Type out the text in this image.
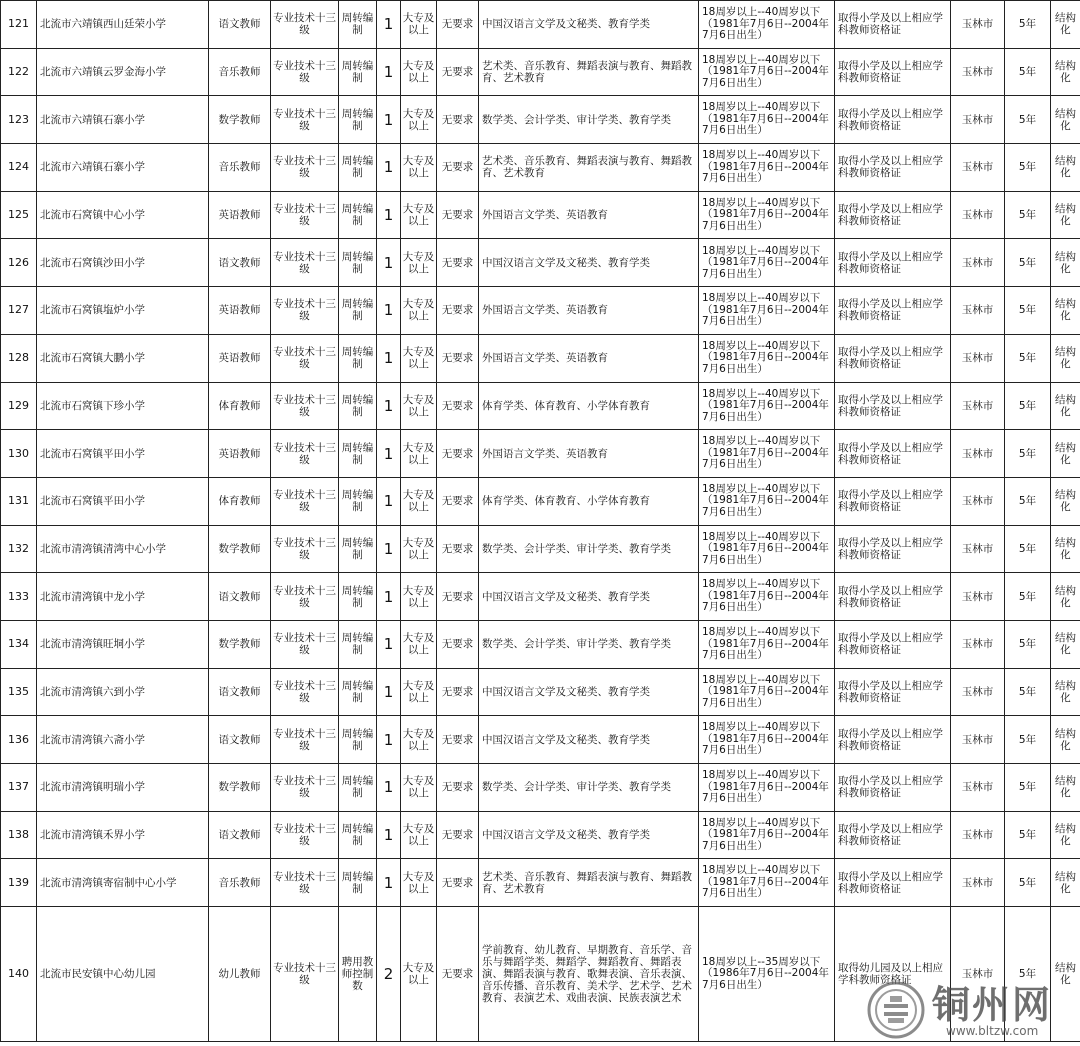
121	北流市六靖镇西山廷荣小学	语文教师	专业技术十三级	周转编制	1	大专及以上	无要求	中国汉语言文学及文秘类、教育学类	18周岁以上--40周岁以下（1981年7月6日--2004年7月6日出生）	取得小学及以上相应学科教师资格证	玉林市	5年	结构化
122	北流市六靖镇云罗金海小学	音乐教师	专业技术十三级	周转编制	1	大专及以上	无要求	艺术类、音乐教育、舞蹈表演与教育、舞蹈教育、艺术教育	18周岁以上--40周岁以下（1981年7月6日--2004年7月6日出生）	取得小学及以上相应学科教师资格证	玉林市	5年	结构化
123	北流市六靖镇石寨小学	数学教师	专业技术十三级	周转编制	1	大专及以上	无要求	数学类、会计学类、审计学类、教育学类	18周岁以上--40周岁以下（1981年7月6日--2004年7月6日出生）	取得小学及以上相应学科教师资格证	玉林市	5年	结构化
124	北流市六靖镇石寨小学	音乐教师	专业技术十三级	周转编制	1	大专及以上	无要求	艺术类、音乐教育、舞蹈表演与教育、舞蹈教育、艺术教育	18周岁以上--40周岁以下（1981年7月6日--2004年7月6日出生）	取得小学及以上相应学科教师资格证	玉林市	5年	结构化
125	北流市石窝镇中心小学	英语教师	专业技术十三级	周转编制	1	大专及以上	无要求	外国语言文学类、英语教育	18周岁以上--40周岁以下（1981年7月6日--2004年7月6日出生）	取得小学及以上相应学科教师资格证	玉林市	5年	结构化
126	北流市石窝镇沙田小学	语文教师	专业技术十三级	周转编制	1	大专及以上	无要求	中国汉语言文学及文秘类、教育学类	18周岁以上--40周岁以下（1981年7月6日--2004年7月6日出生）	取得小学及以上相应学科教师资格证	玉林市	5年	结构化
127	北流市石窝镇塩炉小学	英语教师	专业技术十三级	周转编制	1	大专及以上	无要求	外国语言文学类、英语教育	18周岁以上--40周岁以下（1981年7月6日--2004年7月6日出生）	取得小学及以上相应学科教师资格证	玉林市	5年	结构化
128	北流市石窝镇大鹏小学	英语教师	专业技术十三级	周转编制	1	大专及以上	无要求	外国语言文学类、英语教育	18周岁以上--40周岁以下（1981年7月6日--2004年7月6日出生）	取得小学及以上相应学科教师资格证	玉林市	5年	结构化
129	北流市石窝镇下珍小学	体育教师	专业技术十三级	周转编制	1	大专及以上	无要求	体育学类、体育教育、小学体育教育	18周岁以上--40周岁以下（1981年7月6日--2004年7月6日出生）	取得小学及以上相应学科教师资格证	玉林市	5年	结构化
130	北流市石窝镇平田小学	英语教师	专业技术十三级	周转编制	1	大专及以上	无要求	外国语言文学类、英语教育	18周岁以上--40周岁以下（1981年7月6日--2004年7月6日出生）	取得小学及以上相应学科教师资格证	玉林市	5年	结构化
131	北流市石窝镇平田小学	体育教师	专业技术十三级	周转编制	1	大专及以上	无要求	体育学类、体育教育、小学体育教育	18周岁以上--40周岁以下（1981年7月6日--2004年7月6日出生）	取得小学及以上相应学科教师资格证	玉林市	5年	结构化
132	北流市清湾镇清湾中心小学	数学教师	专业技术十三级	周转编制	1	大专及以上	无要求	数学类、会计学类、审计学类、教育学类	18周岁以上--40周岁以下（1981年7月6日--2004年7月6日出生）	取得小学及以上相应学科教师资格证	玉林市	5年	结构化
133	北流市清湾镇中龙小学	语文教师	专业技术十三级	周转编制	1	大专及以上	无要求	中国汉语言文学及文秘类、教育学类	18周岁以上--40周岁以下（1981年7月6日--2004年7月6日出生）	取得小学及以上相应学科教师资格证	玉林市	5年	结构化
134	北流市清湾镇旺垌小学	数学教师	专业技术十三级	周转编制	1	大专及以上	无要求	数学类、会计学类、审计学类、教育学类	18周岁以上--40周岁以下（1981年7月6日--2004年7月6日出生）	取得小学及以上相应学科教师资格证	玉林市	5年	结构化
135	北流市清湾镇六到小学	语文教师	专业技术十三级	周转编制	1	大专及以上	无要求	中国汉语言文学及文秘类、教育学类	18周岁以上--40周岁以下（1981年7月6日--2004年7月6日出生）	取得小学及以上相应学科教师资格证	玉林市	5年	结构化
136	北流市清湾镇六斋小学	语文教师	专业技术十三级	周转编制	1	大专及以上	无要求	中国汉语言文学及文秘类、教育学类	18周岁以上--40周岁以下（1981年7月6日--2004年7月6日出生）	取得小学及以上相应学科教师资格证	玉林市	5年	结构化
137	北流市清湾镇明瑞小学	数学教师	专业技术十三级	周转编制	1	大专及以上	无要求	数学类、会计学类、审计学类、教育学类	18周岁以上--40周岁以下（1981年7月6日--2004年7月6日出生）	取得小学及以上相应学科教师资格证	玉林市	5年	结构化
138	北流市清湾镇禾界小学	语文教师	专业技术十三级	周转编制	1	大专及以上	无要求	中国汉语言文学及文秘类、教育学类	18周岁以上--40周岁以下（1981年7月6日--2004年7月6日出生）	取得小学及以上相应学科教师资格证	玉林市	5年	结构化
139	北流市清湾镇寄宿制中心小学	音乐教师	专业技术十三级	周转编制	1	大专及以上	无要求	艺术类、音乐教育、舞蹈表演与教育、舞蹈教育、艺术教育	18周岁以上--40周岁以下（1981年7月6日--2004年7月6日出生）	取得小学及以上相应学科教师资格证	玉林市	5年	结构化
140	北流市民安镇中心幼儿园	幼儿教师	专业技术十三级	聘用教师控制数	2	大专及以上	无要求	学前教育、幼儿教育、早期教育、音乐学、音乐与舞蹈学类、舞蹈学、舞蹈教育、舞蹈表演、舞蹈表演与教育、歌舞表演、音乐表演、音乐传播、音乐教育、美术学、艺术学、艺术教育、表演艺术、戏曲表演、民族表演艺术	18周岁以上--35周岁以下（1986年7月6日--2004年7月6日出生）	取得幼儿园及以上相应学科教师资格证	玉林市	5年	结构化
铜州网
www.bltzw.com
